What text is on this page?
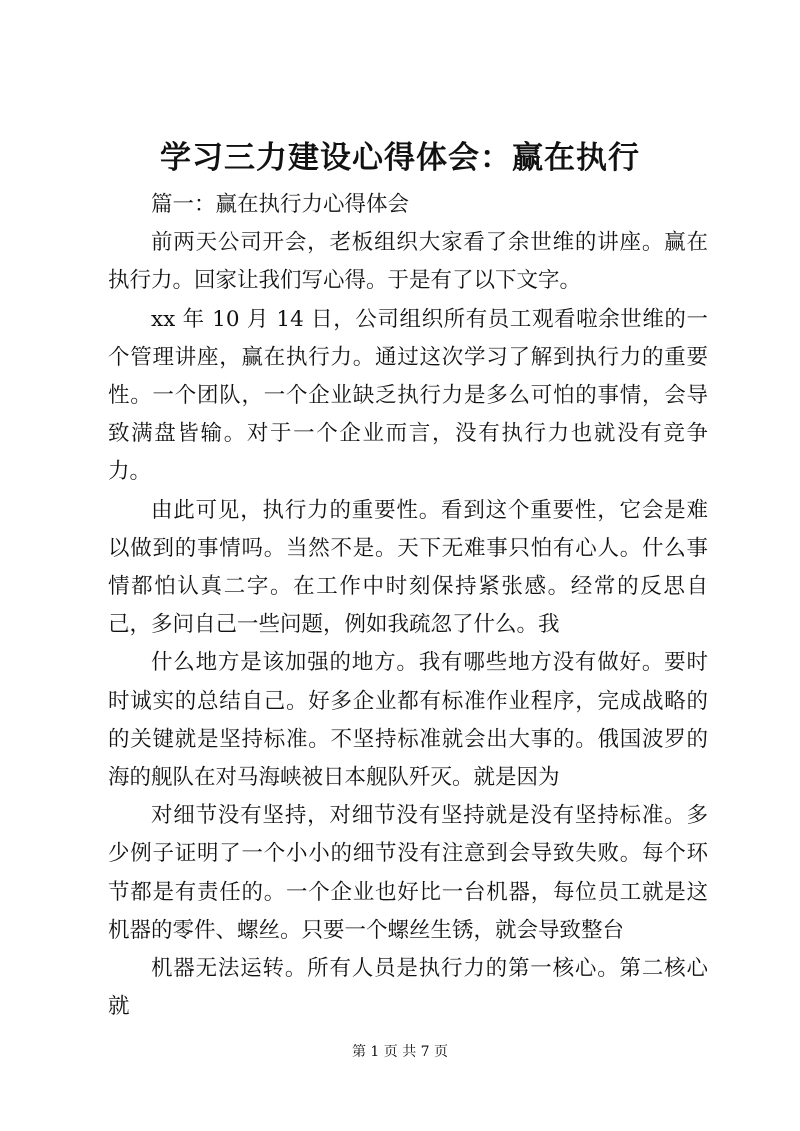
学习三力建设心得体会：赢在执行

篇一：赢在执行力心得体会

前两天公司开会，老板组织大家看了余世维的讲座。赢在执行力。回家让我们写心得。于是有了以下文字。

xx 年 10 月 14 日，公司组织所有员工观看啦余世维的一个管理讲座，赢在执行力。通过这次学习了解到执行力的重要性。一个团队，一个企业缺乏执行力是多么可怕的事情，会导致满盘皆输。对于一个企业而言，没有执行力也就没有竞争力。

由此可见，执行力的重要性。看到这个重要性，它会是难以做到的事情吗。当然不是。天下无难事只怕有心人。什么事情都怕认真二字。在工作中时刻保持紧张感。经常的反思自己，多问自己一些问题，例如我疏忽了什么。我

什么地方是该加强的地方。我有哪些地方没有做好。要时时诚实的总结自己。好多企业都有标准作业程序，完成战略的的关键就是坚持标准。不坚持标准就会出大事的。俄国波罗的海的舰队在对马海峡被日本舰队歼灭。就是因为

对细节没有坚持，对细节没有坚持就是没有坚持标准。多少例子证明了一个小小的细节没有注意到会导致失败。每个环节都是有责任的。一个企业也好比一台机器，每位员工就是这机器的零件、螺丝。只要一个螺丝生锈，就会导致整台

机器无法运转。所有人员是执行力的第一核心。第二核心就

第 1 页 共 7 页
